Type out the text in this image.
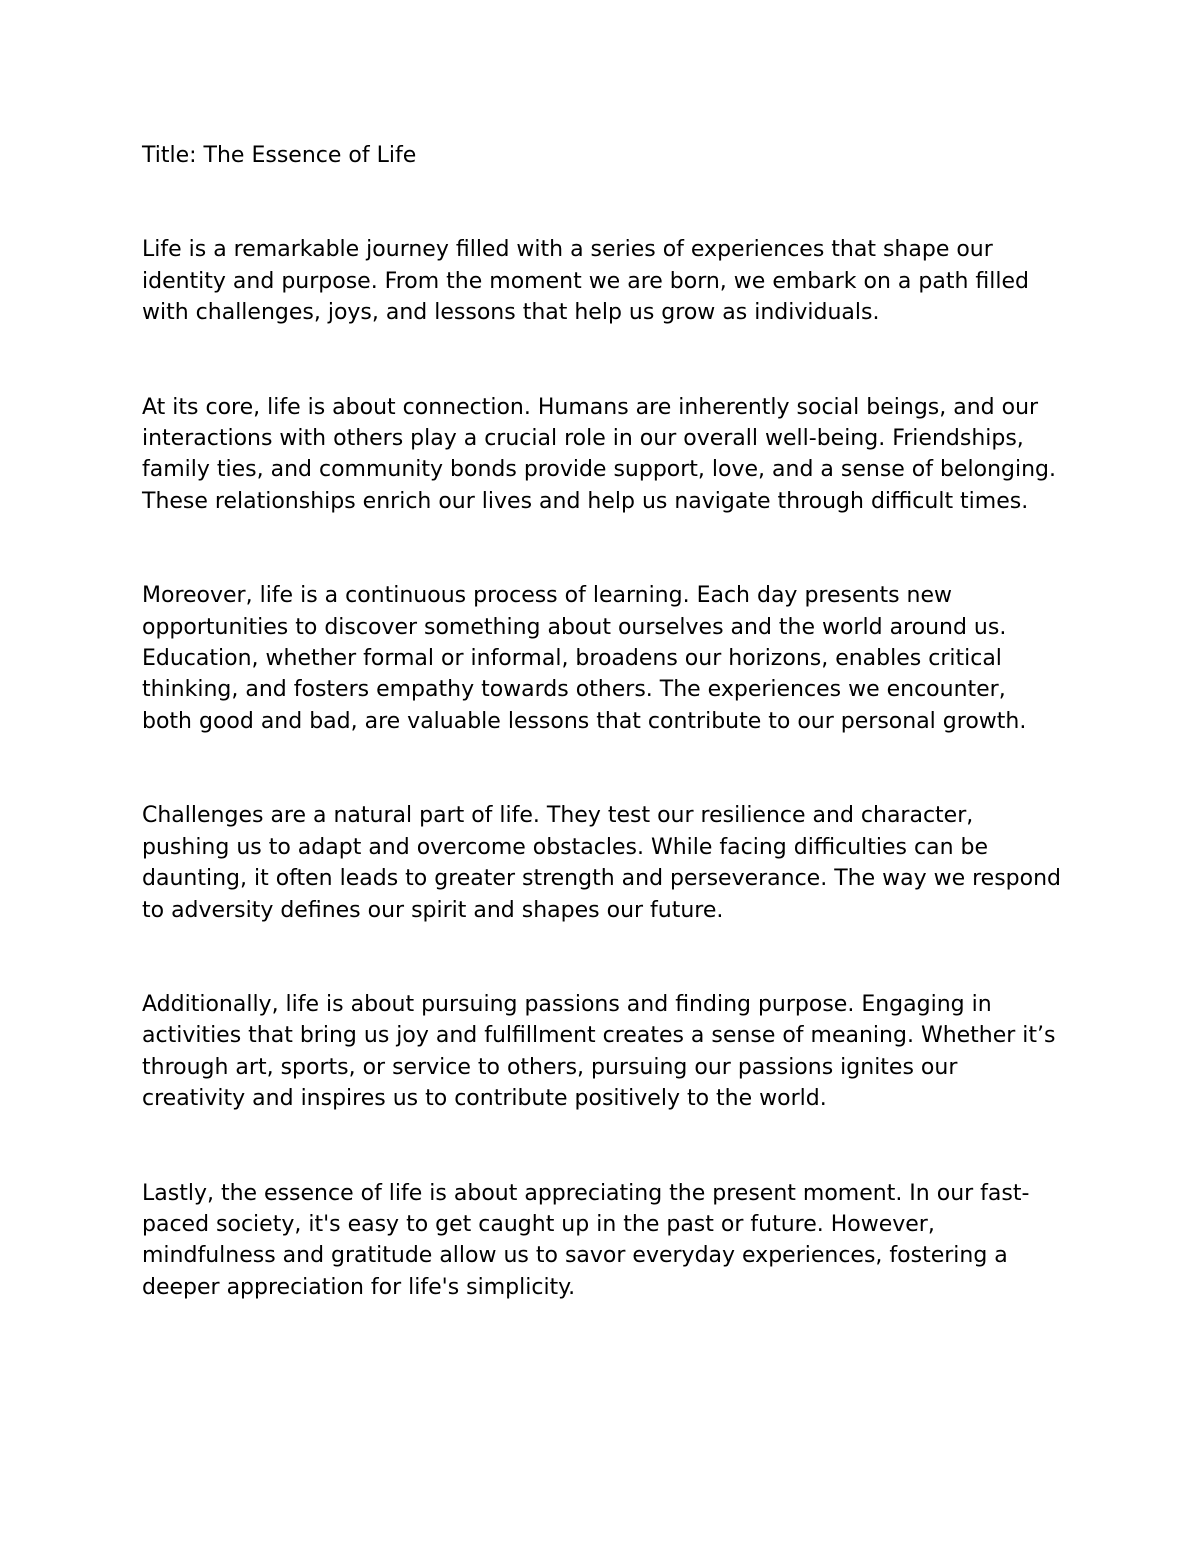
Title: The Essence of Life

Life is a remarkable journey filled with a series of experiences that shape our identity and purpose. From the moment we are born, we embark on a path filled with challenges, joys, and lessons that help us grow as individuals.

At its core, life is about connection. Humans are inherently social beings, and our interactions with others play a crucial role in our overall well-being. Friendships, family ties, and community bonds provide support, love, and a sense of belonging. These relationships enrich our lives and help us navigate through difficult times.

Moreover, life is a continuous process of learning. Each day presents new opportunities to discover something about ourselves and the world around us. Education, whether formal or informal, broadens our horizons, enables critical thinking, and fosters empathy towards others. The experiences we encounter, both good and bad, are valuable lessons that contribute to our personal growth.

Challenges are a natural part of life. They test our resilience and character, pushing us to adapt and overcome obstacles. While facing difficulties can be daunting, it often leads to greater strength and perseverance. The way we respond to adversity defines our spirit and shapes our future.

Additionally, life is about pursuing passions and finding purpose. Engaging in activities that bring us joy and fulfillment creates a sense of meaning. Whether it’s through art, sports, or service to others, pursuing our passions ignites our creativity and inspires us to contribute positively to the world.

Lastly, the essence of life is about appreciating the present moment. In our fast-paced society, it's easy to get caught up in the past or future. However, mindfulness and gratitude allow us to savor everyday experiences, fostering a deeper appreciation for life's simplicity.
